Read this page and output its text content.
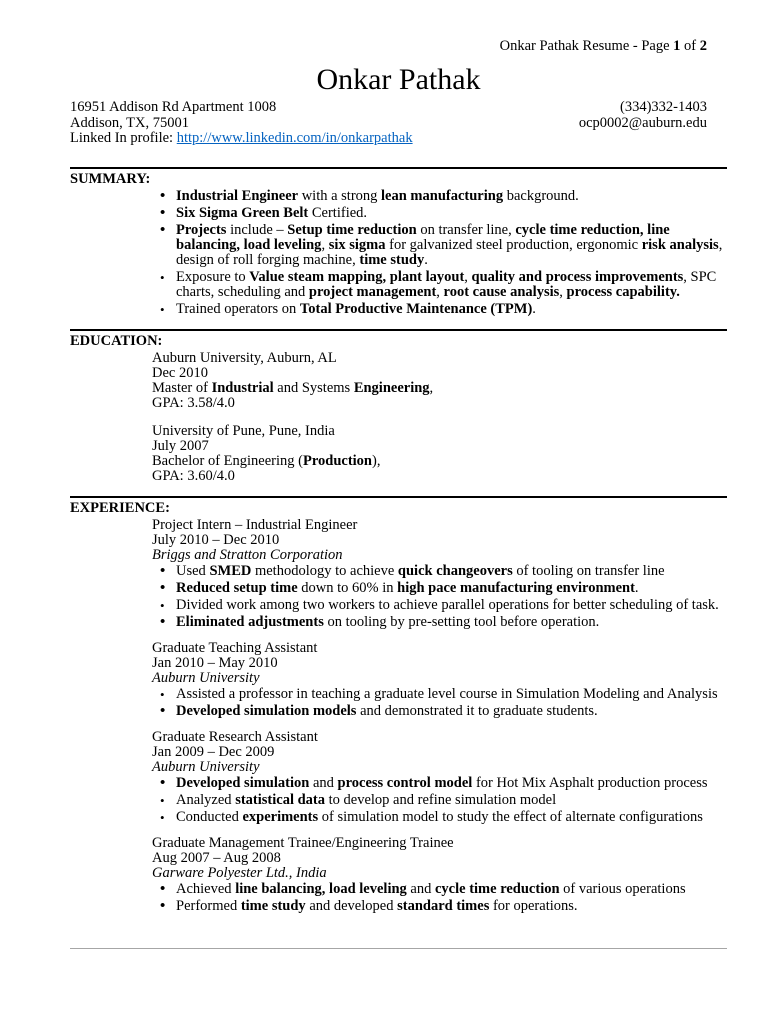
Onkar Pathak Resume - Page 1 of 2
Onkar Pathak
16951 Addison Rd Apartment 1008
Addison, TX, 75001
Linked In profile: http://www.linkedin.com/in/onkarpathak
(334)332-1403
ocp0002@auburn.edu
SUMMARY:
• Industrial Engineer with a strong lean manufacturing background.
• Six Sigma Green Belt Certified.
• Projects include – Setup time reduction on transfer line, cycle time reduction, line balancing, load leveling, six sigma for galvanized steel production, ergonomic risk analysis, design of roll forging machine, time study.
• Exposure to Value steam mapping, plant layout, quality and process improvements, SPC charts, scheduling and project management, root cause analysis, process capability.
• Trained operators on Total Productive Maintenance (TPM).
EDUCATION:
Auburn University, Auburn, AL
Dec 2010
Master of Industrial and Systems Engineering,
GPA: 3.58/4.0
University of Pune, Pune, India
July 2007
Bachelor of Engineering (Production),
GPA: 3.60/4.0
EXPERIENCE:
Project Intern – Industrial Engineer
July 2010 – Dec 2010
Briggs and Stratton Corporation
• Used SMED methodology to achieve quick changeovers of tooling on transfer line
• Reduced setup time down to 60% in high pace manufacturing environment.
• Divided work among two workers to achieve parallel operations for better scheduling of task.
• Eliminated adjustments on tooling by pre-setting tool before operation.
Graduate Teaching Assistant
Jan 2010 – May 2010
Auburn University
• Assisted a professor in teaching a graduate level course in Simulation Modeling and Analysis
• Developed simulation models and demonstrated it to graduate students.
Graduate Research Assistant
Jan 2009 – Dec 2009
Auburn University
• Developed simulation and process control model for Hot Mix Asphalt production process
• Analyzed statistical data to develop and refine simulation model
• Conducted experiments of simulation model to study the effect of alternate configurations
Graduate Management Trainee/Engineering Trainee
Aug 2007 – Aug 2008
Garware Polyester Ltd., India
• Achieved line balancing, load leveling and cycle time reduction of various operations
• Performed time study and developed standard times for operations.
